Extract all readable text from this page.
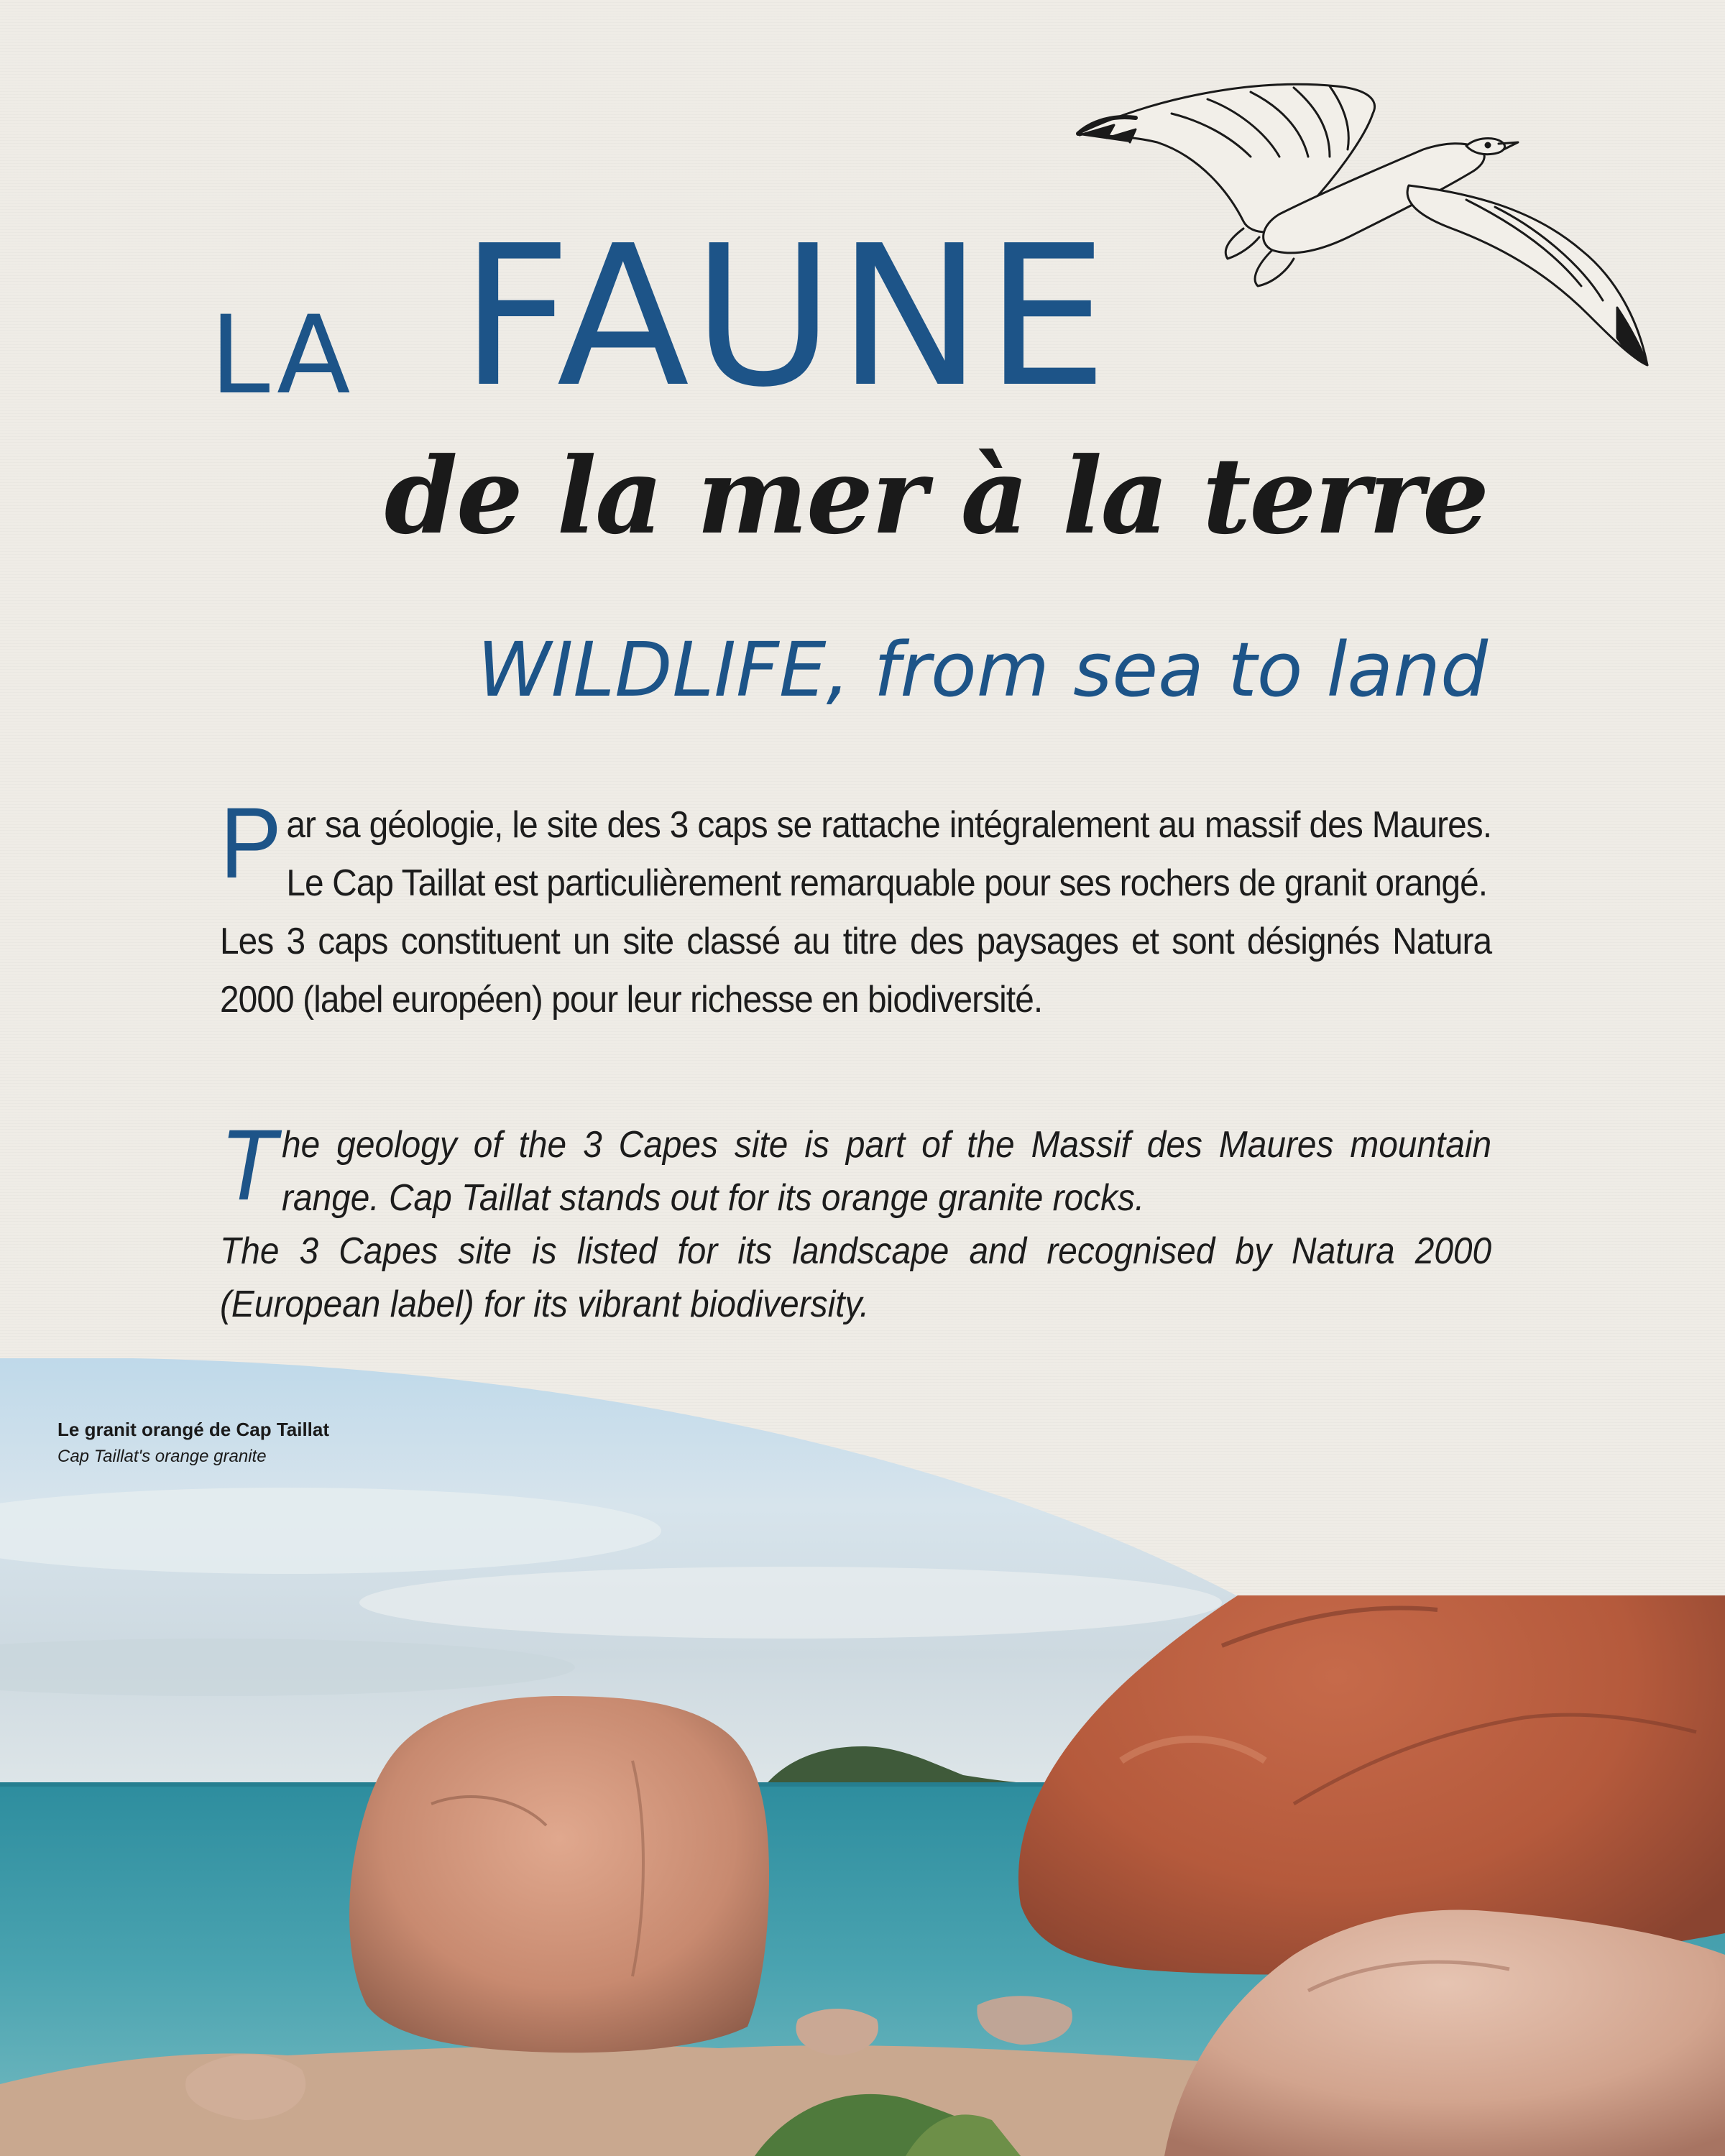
LA FAUNE
de la mer à la terre
WILDLIFE, from sea to land
P ar sa géologie, le site des 3 caps se rattache intégralement au massif des Maures. Le Cap Taillat est particulièrement remarquable pour ses rochers de granit orangé.
Les 3 caps constituent un site classé au titre des paysages et sont désignés Natura 2000 (label européen) pour leur richesse en biodiversité.
T he geology of the 3 Capes site is part of the Massif des Maures mountain range. Cap Taillat stands out for its orange granite rocks.
The 3 Capes site is listed for its landscape and recognised by Natura 2000 (European label) for its vibrant biodiversity.
Le granit orangé de Cap Taillat
Cap Taillat's orange granite
